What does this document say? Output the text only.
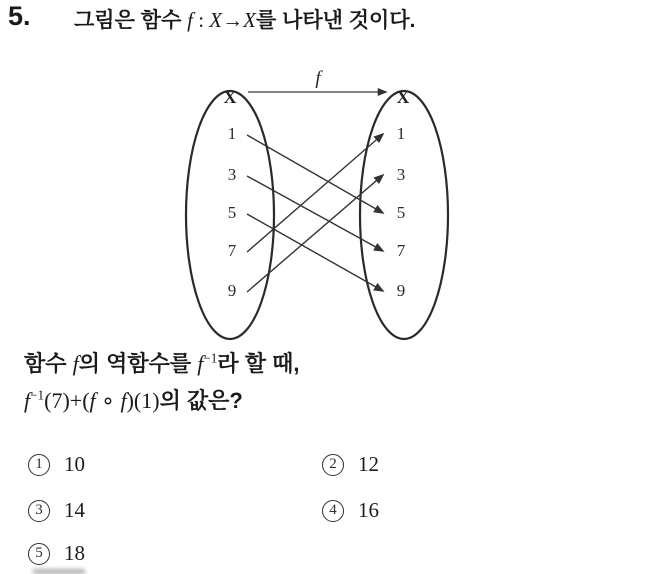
5. 그림은 함수 f : X→X를 나타낸 것이다.
X	X
f
1	1
3	3
5	5
7	7
9	9
함수 f의 역함수를 $f^{-1}$라 할 때,
$f^{-1}(7)+(f$ ∘ f)(1)의 값은?
1	10	2	12
3	14	4	16
5	18
